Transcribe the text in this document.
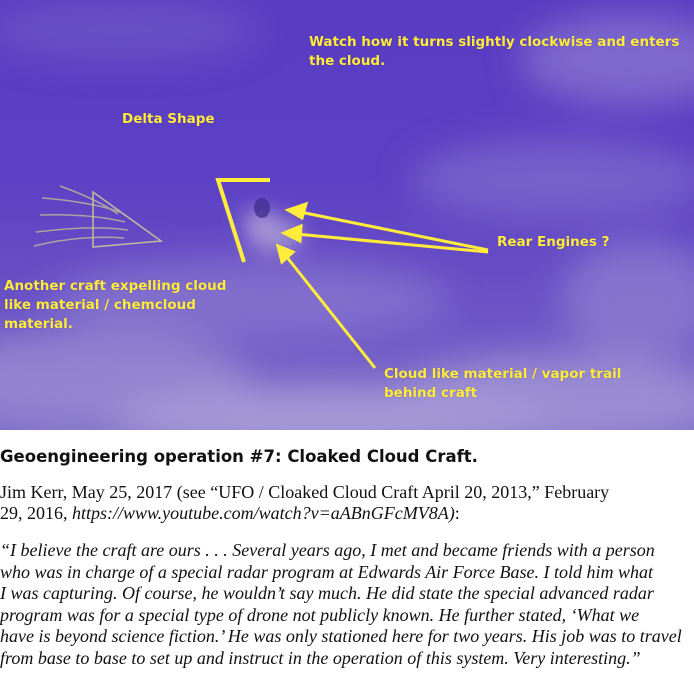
Watch how it turns slightly clockwise and enters
the cloud.
Delta Shape
Rear Engines ?
Another craft expelling cloud
like material / chemcloud
material.
Cloud like material / vapor trail
behind craft
Geoengineering operation #7: Cloaked Cloud Craft.
Jim Kerr, May 25, 2017 (see “UFO / Cloaked Cloud Craft April 20, 2013,” February
29, 2016, https://www.youtube.com/watch?v=aABnGFcMV8A):
“I believe the craft are ours . . . Several years ago, I met and became friends with a person
who was in charge of a special radar program at Edwards Air Force Base. I told him what
I was capturing. Of course, he wouldn’t say much. He did state the special advanced radar
program was for a special type of drone not publicly known. He further stated, ‘What we
have is beyond science fiction.’ He was only stationed here for two years. His job was to travel
from base to base to set up and instruct in the operation of this system. Very interesting.”
